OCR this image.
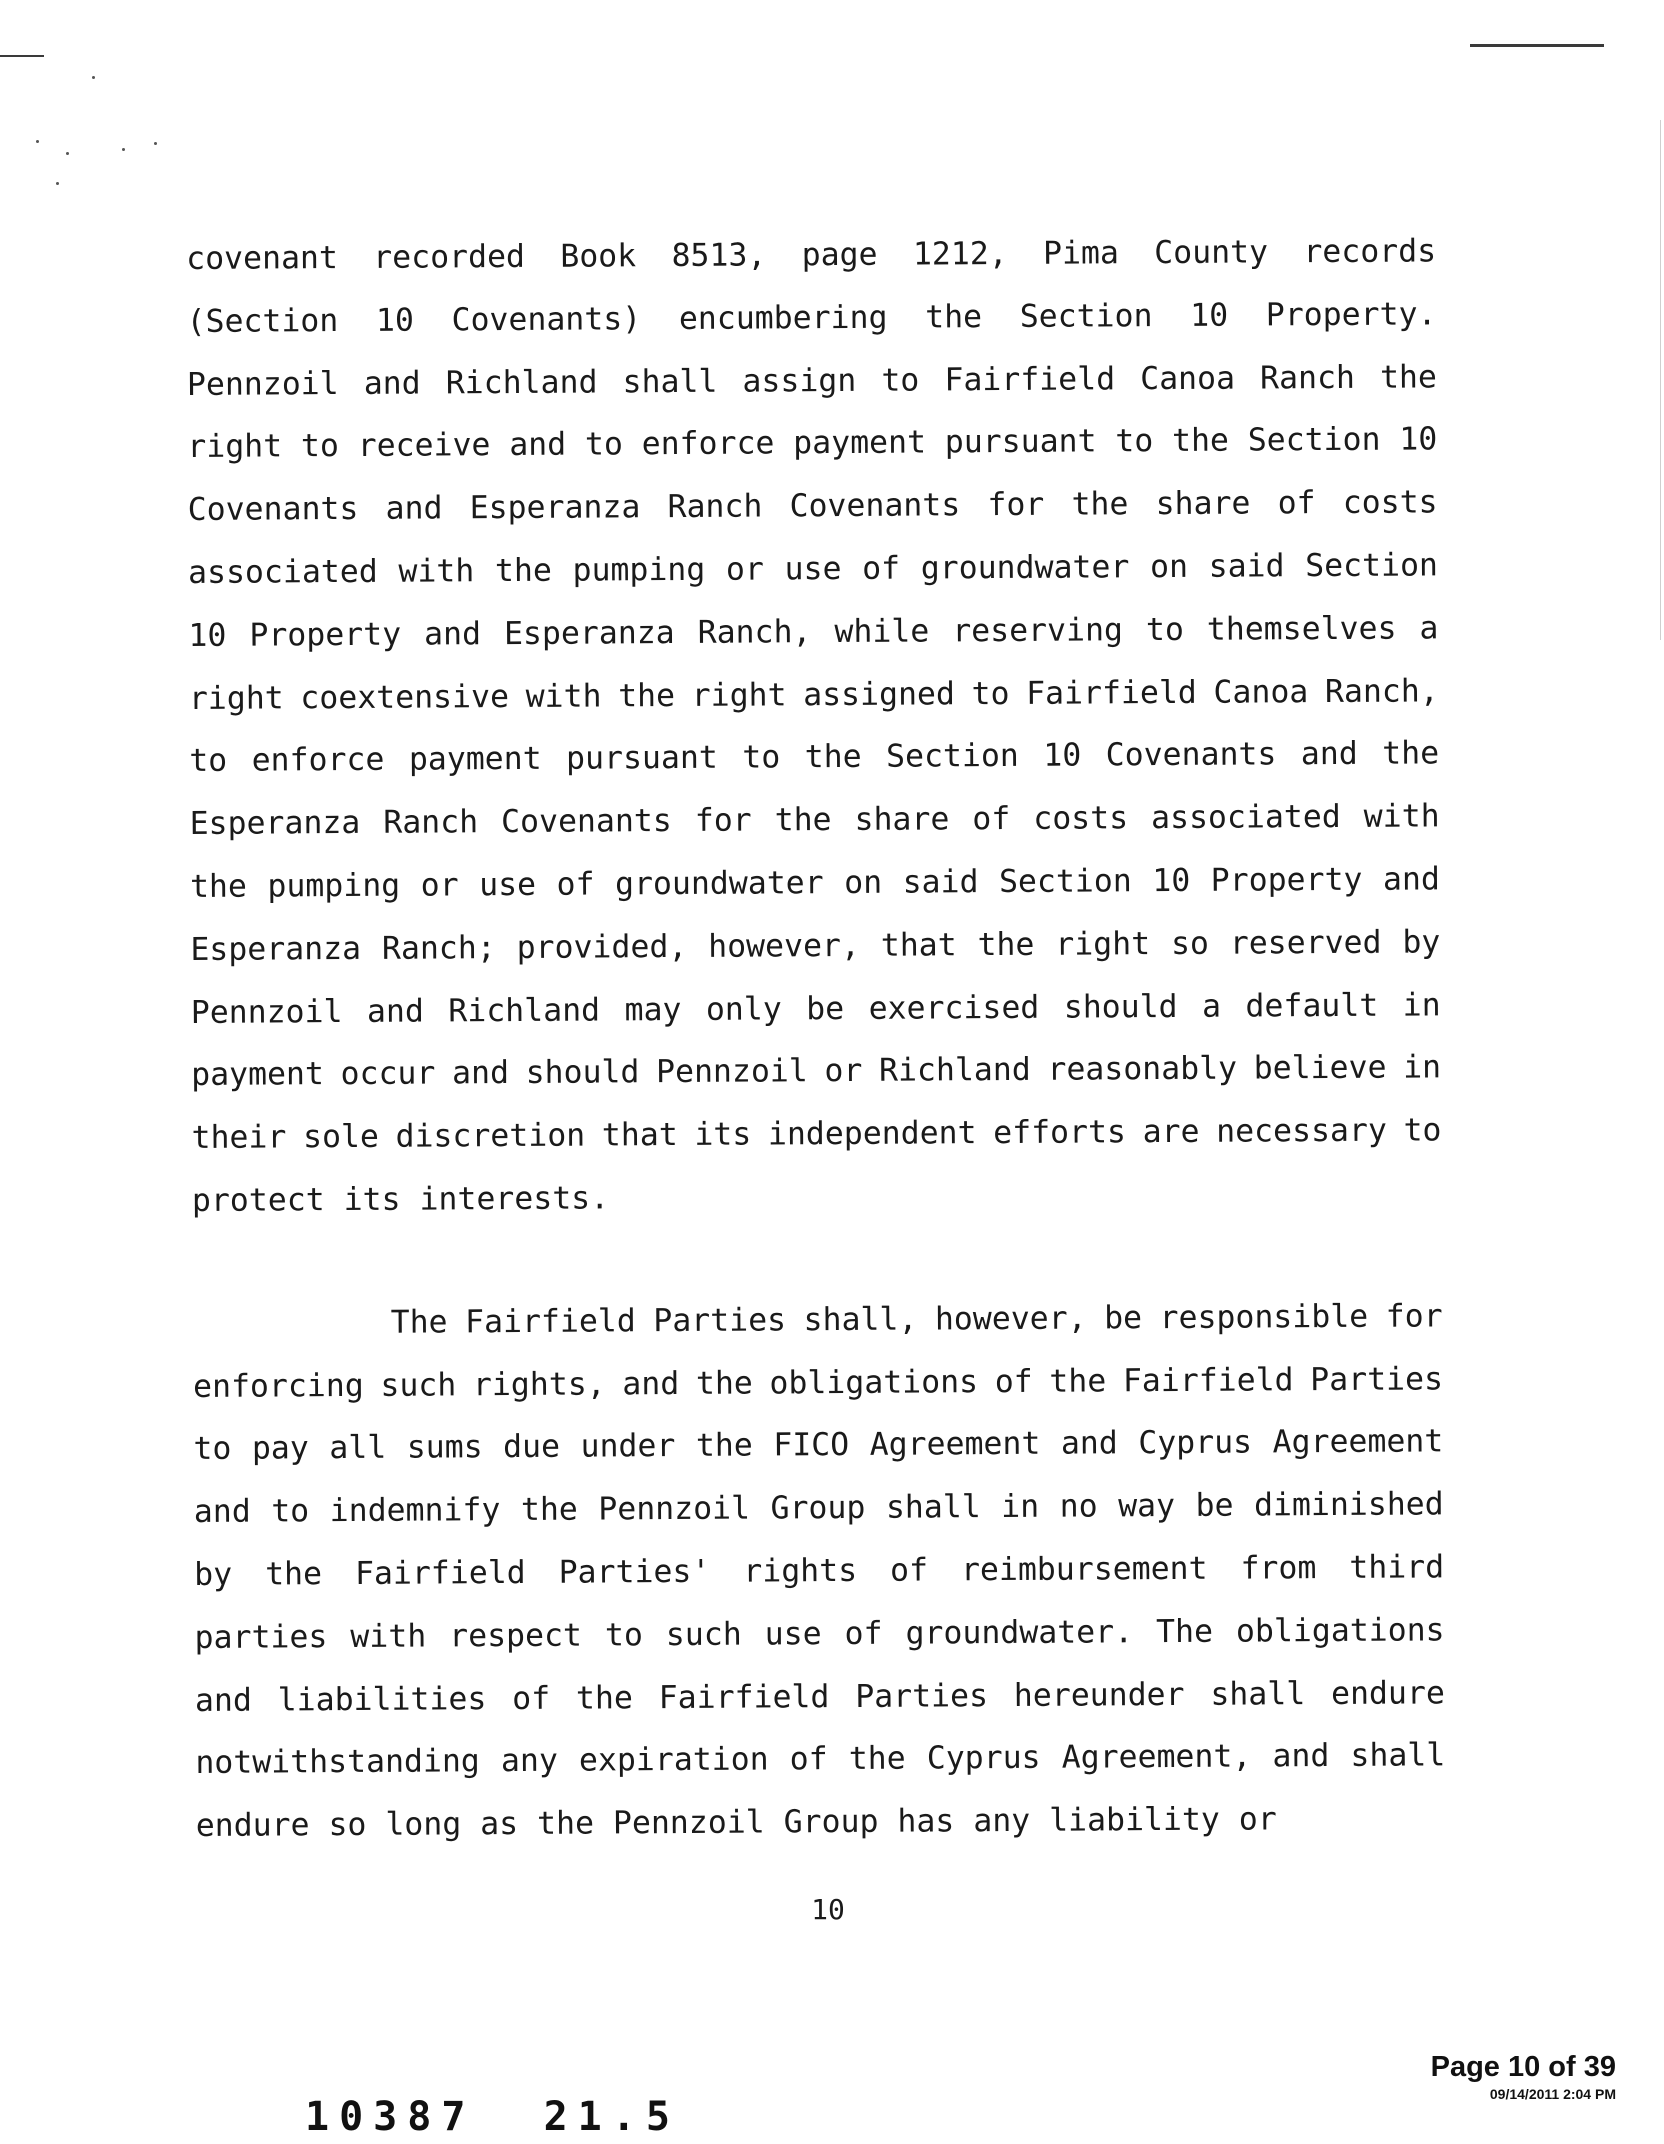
covenant recorded Book 8513, page 1212, Pima County records
(Section 10 Covenants) encumbering the Section 10 Property.
Pennzoil and Richland shall assign to Fairfield Canoa Ranch the
right to receive and to enforce payment pursuant to the Section 10
Covenants and Esperanza Ranch Covenants for the share of costs
associated with the pumping or use of groundwater on said Section
10 Property and Esperanza Ranch, while reserving to themselves a
right coextensive with the right assigned to Fairfield Canoa Ranch,
to enforce payment pursuant to the Section 10 Covenants and the
Esperanza Ranch Covenants for the share of costs associated with
the pumping or use of groundwater on said Section 10 Property and
Esperanza Ranch; provided, however, that the right so reserved by
Pennzoil and Richland may only be exercised should a default in
payment occur and should Pennzoil or Richland reasonably believe in
their sole discretion that its independent efforts are necessary to
protect its interests.
The Fairfield Parties shall, however, be responsible for
enforcing such rights, and the obligations of the Fairfield Parties
to pay all sums due under the FICO Agreement and Cyprus Agreement
and to indemnify the Pennzoil Group shall in no way be diminished
by the Fairfield Parties' rights of reimbursement from third
parties with respect to such use of groundwater. The obligations
and liabilities of the Fairfield Parties hereunder shall endure
notwithstanding any expiration of the Cyprus Agreement, and shall
endure so long as the Pennzoil Group has any liability or
10
10387  21.5
Page 10 of 39
09/14/2011 2:04 PM
